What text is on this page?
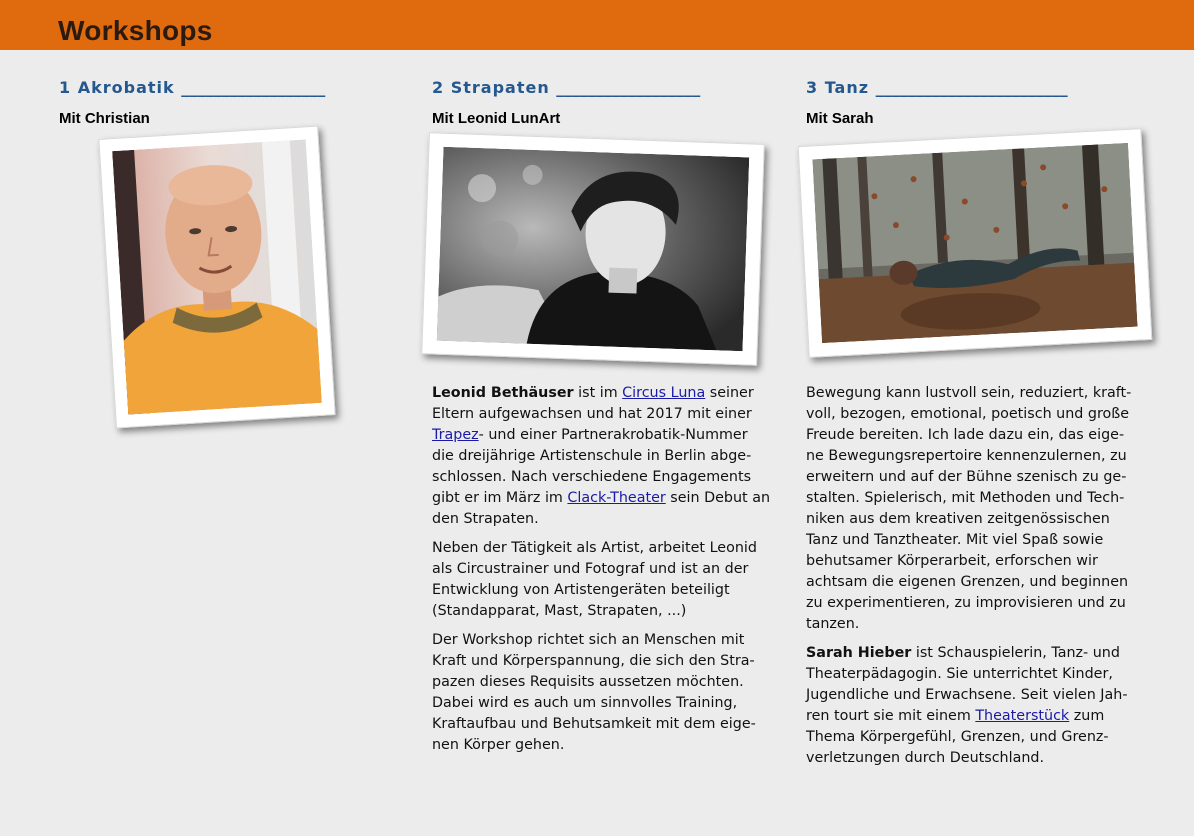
Workshops
1 Akrobatik __________________
Mit Christian
2 Strapaten __________________
Mit Leonid LunArt
3 Tanz ________________________
Mit Sarah

Leonid Bethäuser ist im Circus Luna seiner Eltern aufgewachsen und hat 2017 mit einer Trapez- und einer Partnerakrobatik-Nummer die dreijährige Artistenschule in Berlin abge- schlossen. Nach verschiedene Engagements gibt er im März im Clack-Theater sein Debut an den Strapaten.

Neben der Tätigkeit als Artist, arbeitet Leonid als Circustrainer und Fotograf und ist an der Entwicklung von Artistengeräten beteiligt (Standapparat, Mast, Strapaten, ...)

Der Workshop richtet sich an Menschen mit Kraft und Körperspannung, die sich den Stra- pazen dieses Requisits aussetzen möchten. Dabei wird es auch um sinnvolles Training, Kraftaufbau und Behutsamkeit mit dem eige- nen Körper gehen.

Bewegung kann lustvoll sein, reduziert, kraft- voll, bezogen, emotional, poetisch und große Freude bereiten. Ich lade dazu ein, das eige- ne Bewegungsrepertoire kennenzulernen, zu erweitern und auf der Bühne szenisch zu ge- stalten. Spielerisch, mit Methoden und Tech- niken aus dem kreativen zeitgenössischen Tanz und Tanztheater. Mit viel Spaß sowie behutsamer Körperarbeit, erforschen wir achtsam die eigenen Grenzen, und beginnen zu experimentieren, zu improvisieren und zu tanzen.

Sarah Hieber ist Schauspielerin, Tanz- und Theaterpädagogin. Sie unterrichtet Kinder, Jugendliche und Erwachsene. Seit vielen Jah- ren tourt sie mit einem Theaterstück zum Thema Körpergefühl, Grenzen, und Grenz- verletzungen durch Deutschland.
